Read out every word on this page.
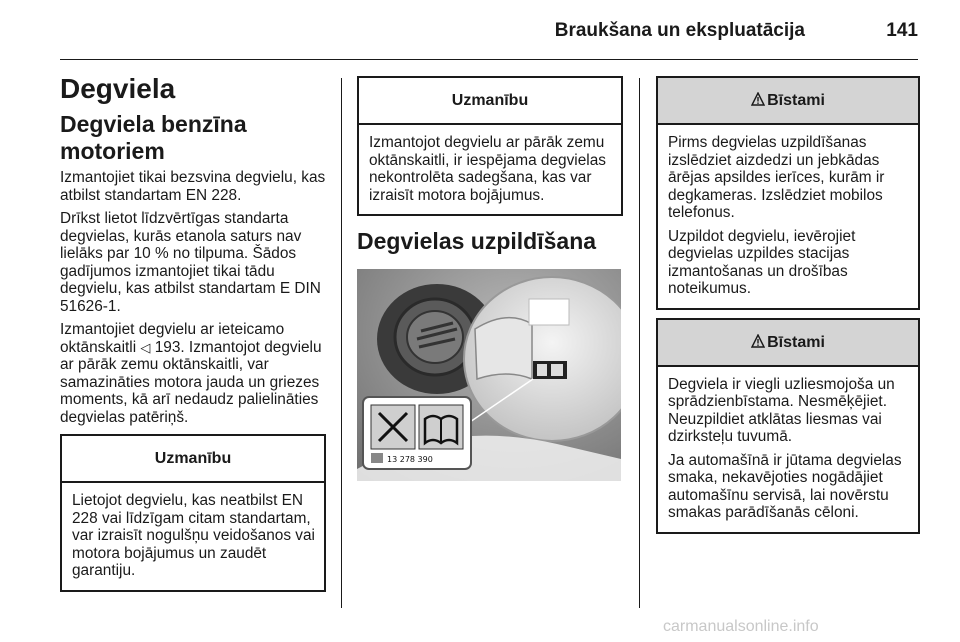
Braukšana un ekspluatācija	141
Degviela
Degviela benzīna motoriem

Izmantojiet tikai bezsvina degvielu, kas atbilst standartam EN 228.

Drīkst lietot līdzvērtīgas standarta degvielas, kurās etanola saturs nav lielāks par 10 % no tilpuma. Šādos gadījumos izmantojiet tikai tādu degvielu, kas atbilst standartam E DIN 51626-1.

Izmantojiet degvielu ar ieteicamo oktānskaitli ◁ 193. Izmantojot degvielu ar pārāk zemu oktānskaitli, var samazināties motora jauda un griezes moments, kā arī nedaudz palielināties degvielas patēriņš.

Uzmanību

Lietojot degvielu, kas neatbilst EN 228 vai līdzīgam citam standartam, var izraisīt nogulšņu veidošanos vai motora bojājumus un zaudēt garantiju.

Uzmanību

Izmantojot degvielu ar pārāk zemu oktānskaitli, ir iespējama degvielas nekontrolēta sadegšana, kas var izraisīt motora bojājumus.

Degvielas uzpildīšana
13 278 390
Bīstami

Pirms degvielas uzpildīšanas izslēdziet aizdedzi un jebkādas ārējas apsildes ierīces, kurām ir degkameras. Izslēdziet mobilos telefonus.

Uzpildot degvielu, ievērojiet degvielas uzpildes stacijas izmantošanas un drošības noteikumus.

Bīstami

Degviela ir viegli uzliesmojoša un sprādzienbīstama. Nesmēķējiet. Neuzpildiet atklātas liesmas vai dzirksteļu tuvumā.

Ja automašīnā ir jūtama degvielas smaka, nekavējoties nogādājiet automašīnu servisā, lai novērstu smakas parādīšanās cēloni.

carmanualsonline.info
